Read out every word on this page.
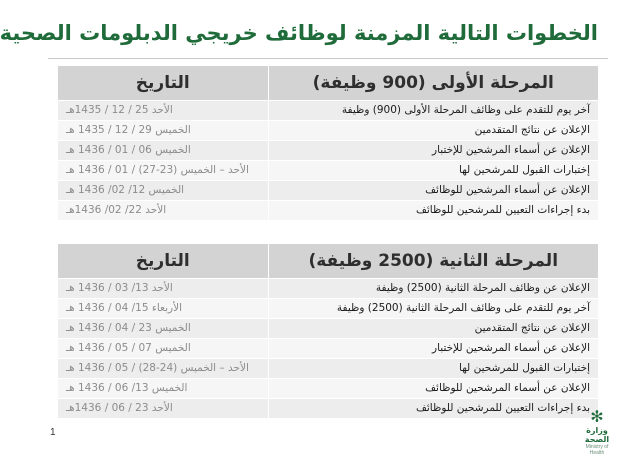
الخطوات التالية المزمنة لوظائف خريجي الدبلومات الصحية
المرحلة الأولى (900 وظيفة)	التاريخ
آخر يوم للتقدم على وظائف المرحلة الأولى (900) وظيفة	الأحد 25 / 12 / 1435هـ
الإعلان عن نتائج المتقدمين	الخميس 29 / 12 / 1435 هـ
الإعلان عن أسماء المرشحين للإختبار	الخميس 06 / 01 / 1436 هـ
إختبارات القبول للمرشحين لها	الأحد – الخميس (23-27) / 01 / 1436 هـ
الإعلان عن أسماء المرشحين للوظائف	الخميس 12/ 02/ 1436 هـ
بدء إجراءات التعيين للمرشحين للوظائف	الأحد 22/ 02/ 1436هـ
المرحلة الثانية (2500 وظيفة)	التاريخ
الإعلان عن وظائف المرحلة الثانية (2500) وظيفة	الأحد 13/ 03 / 1436 هـ
آخر يوم للتقدم على وظائف المرحلة الثانية (2500) وظيفة	الأربعاء 15/ 04 / 1436 هـ
الإعلان عن نتائج المتقدمين	الخميس 23 / 04 / 1436 هـ
الإعلان عن أسماء المرشحين للإختبار	الخميس 07 / 05 / 1436 هـ
إختبارات القبول للمرشحين لها	الأحد – الخميس (24-28) / 05 / 1436 هـ
الإعلان عن أسماء المرشحين للوظائف	الخميس 13/ 06 / 1436 هـ
بدء إجراءات التعيين للمرشحين للوظائف	الأحد 23 / 06 / 1436هـ
1
✻
وزارة الصحة
Ministry of Health
